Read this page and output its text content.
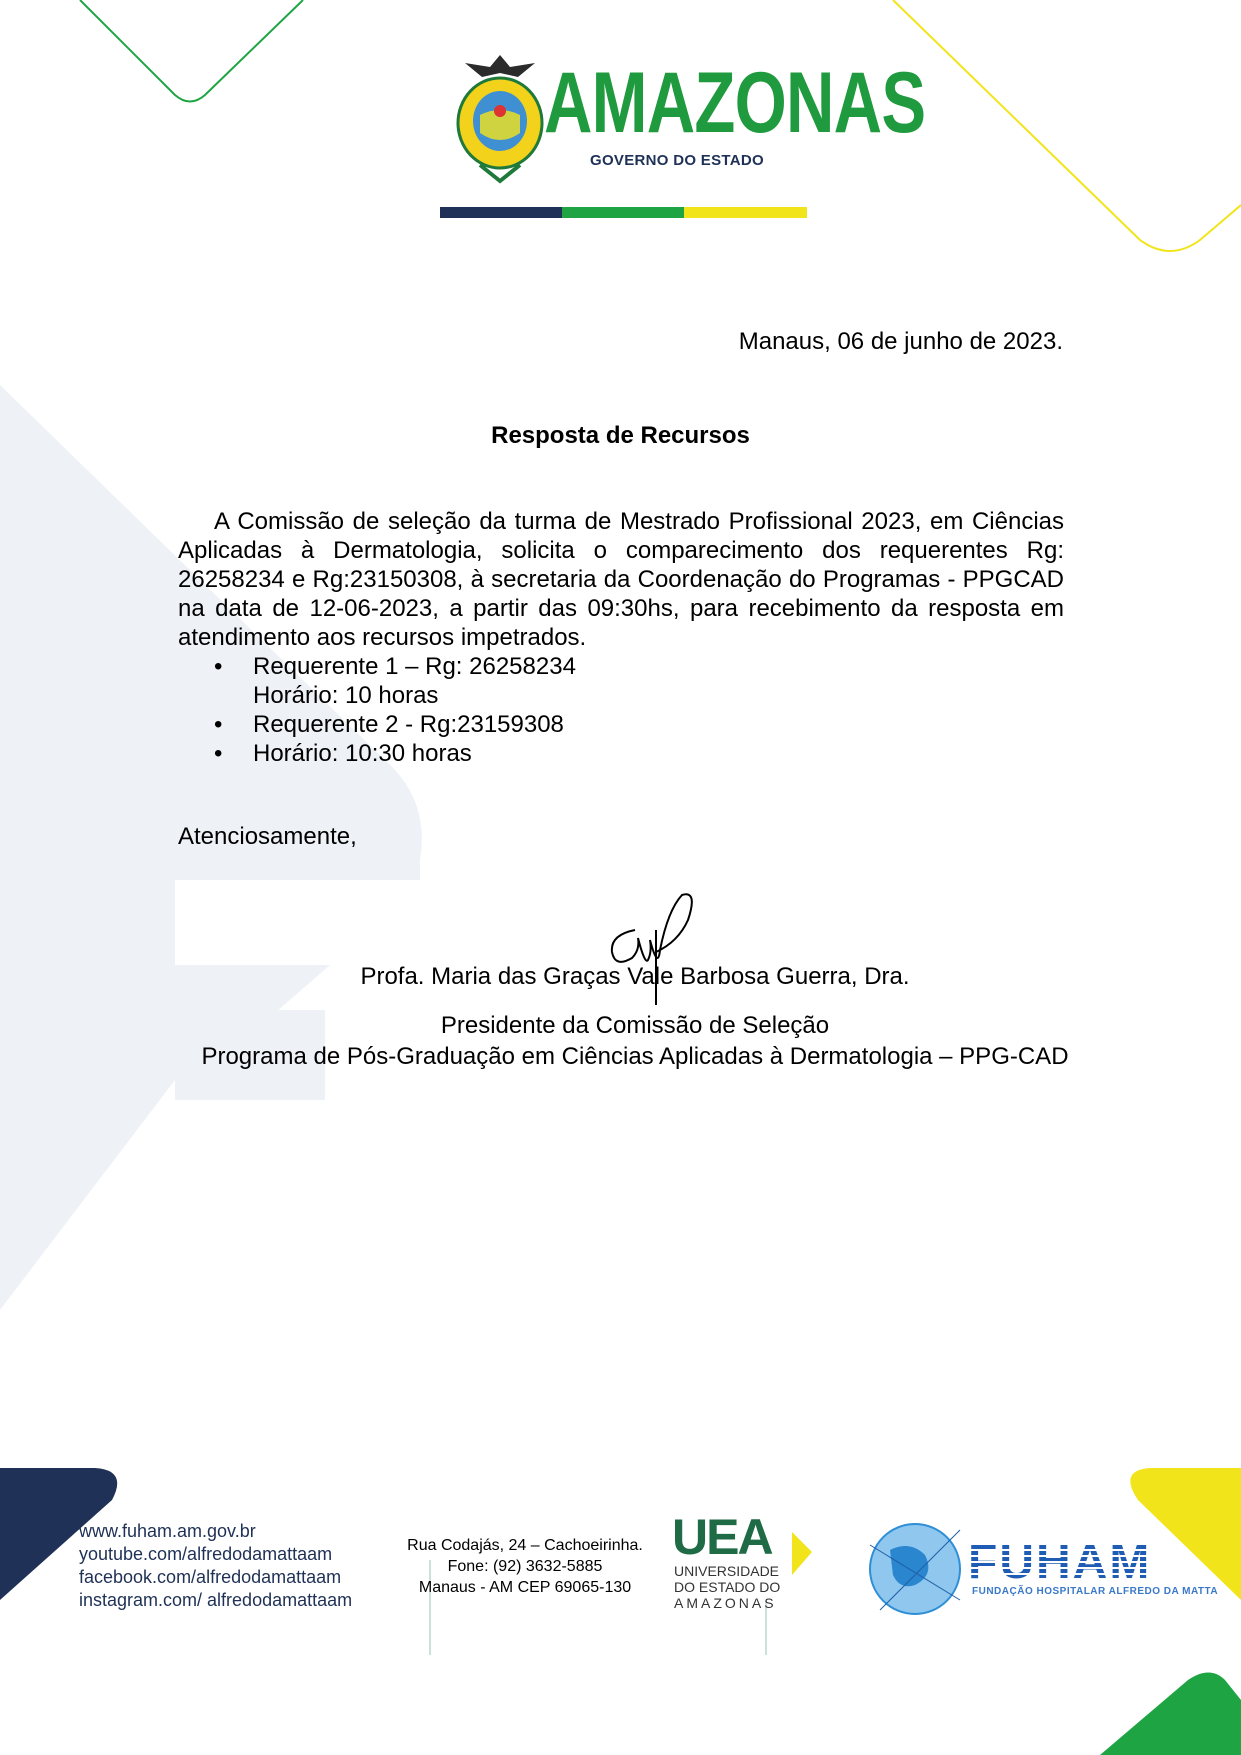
AMAZONAS
GOVERNO DO ESTADO
Manaus, 06 de junho de 2023.
Resposta de Recursos
A Comissão de seleção da turma de Mestrado Profissional 2023, em Ciências Aplicadas à Dermatologia, solicita o comparecimento dos requerentes Rg: 26258234 e Rg:23150308, à secretaria da Coordenação do Programas - PPGCAD na data de 12-06-2023, a partir das 09:30hs, para recebimento da resposta em atendimento aos recursos impetrados.
• Requerente 1 – Rg: 26258234
Horário: 10 horas
• Requerente 2 - Rg:23159308
• Horário: 10:30 horas
Atenciosamente,
Profa. Maria das Graças Vale Barbosa Guerra, Dra.
Presidente da Comissão de Seleção
Programa de Pós-Graduação em Ciências Aplicadas à Dermatologia – PPG-CAD
www.fuham.am.gov.br
youtube.com/alfredodamattaam
facebook.com/alfredodamattaam
instagram.com/ alfredodamattaam
Rua Codajás, 24 – Cachoeirinha.
Fone: (92) 3632-5885
Manaus - AM CEP 69065-130
UEA
UNIVERSIDADE
DO ESTADO DO
AMAZONAS
FUHAM
FUNDAÇÃO HOSPITALAR ALFREDO DA MATTA
